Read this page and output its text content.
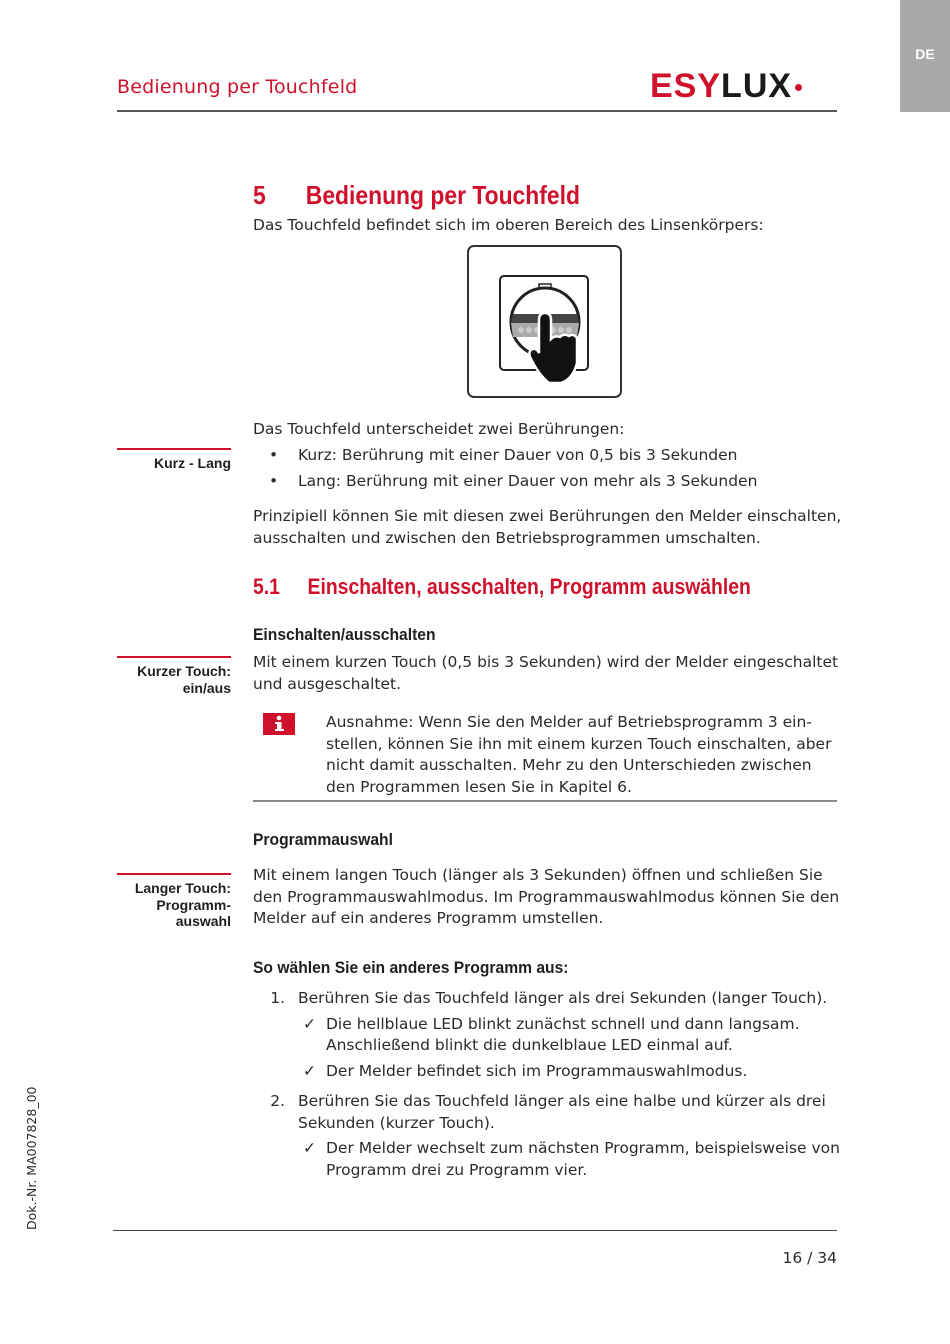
DE
Bedienung per Touchfeld	ESY LUX
5 Bedienung per Touchfeld
Das Touchfeld befindet sich im oberen Bereich des Linsenkörpers:
Kurz - Lang
Das Touchfeld unterscheidet zwei Berührungen:
•	Kurz: Berührung mit einer Dauer von 0,5 bis 3 Sekunden
•	Lang: Berührung mit einer Dauer von mehr als 3 Sekunden
Prinzipiell können Sie mit diesen zwei Berührungen den Melder einschalten,
ausschalten und zwischen den Betriebsprogrammen umschalten.
5.1 Einschalten, ausschalten, Programm auswählen
Einschalten/ausschalten
Kurzer Touch:
ein/aus
Mit einem kurzen Touch (0,5 bis 3 Sekunden) wird der Melder eingeschaltet
und ausgeschaltet.
Ausnahme: Wenn Sie den Melder auf Betriebsprogramm 3 ein-
stellen, können Sie ihn mit einem kurzen Touch einschalten, aber
nicht damit ausschalten. Mehr zu den Unterschieden zwischen
den Programmen lesen Sie in Kapitel 6.
Programmauswahl
Langer Touch:
Programm-
auswahl
Mit einem langen Touch (länger als 3 Sekunden) öffnen und schließen Sie
den Programmauswahlmodus. Im Programmauswahlmodus können Sie den
Melder auf ein anderes Programm umstellen.
So wählen Sie ein anderes Programm aus:
1. Berühren Sie das Touchfeld länger als drei Sekunden (langer Touch).
✓ Die hellblaue LED blinkt zunächst schnell und dann langsam.
Anschließend blinkt die dunkelblaue LED einmal auf.
✓ Der Melder befindet sich im Programmauswahlmodus.
2. Berühren Sie das Touchfeld länger als eine halbe und kürzer als drei
Sekunden (kurzer Touch).
✓ Der Melder wechselt zum nächsten Programm, beispielsweise von
Programm drei zu Programm vier.
Dok.-Nr. MA007828_00
16 / 34
